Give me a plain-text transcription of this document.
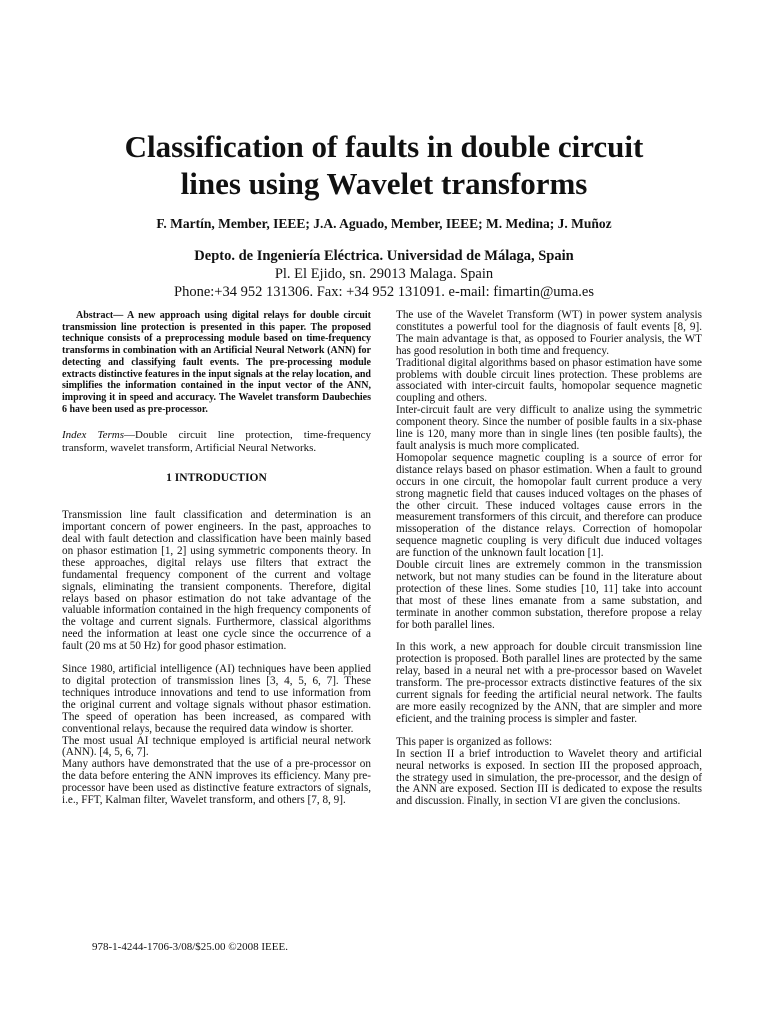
Classification of faults in double circuit
lines using Wavelet transforms
F. Martín, Member, IEEE; J.A. Aguado, Member, IEEE; M. Medina; J. Muñoz
Depto. de Ingeniería Eléctrica. Universidad de Málaga, Spain
Pl. El Ejido, sn. 29013 Malaga. Spain
Phone:+34 952 131306. Fax: +34 952 131091. e-mail: fimartin@uma.es

Abstract— A new approach using digital relays for double circuit transmission line protection is presented in this paper. The proposed technique consists of a preprocessing module based on time-frequency transforms in combination with an Artificial Neural Network (ANN) for detecting and classifying fault events. The pre-processing module extracts distinctive features in the input signals at the relay location, and simplifies the information contained in the input vector of the ANN, improving it in speed and accuracy. The Wavelet transform Daubechies 6 have been used as pre-processor.

Index Terms—Double circuit line protection, time-frequency transform, wavelet transform, Artificial Neural Networks.

1 INTRODUCTION

Transmission line fault classification and determination is an important concern of power engineers. In the past, approaches to deal with fault detection and classification have been mainly based on phasor estimation [1, 2] using symmetric components theory. In these approaches, digital relays use filters that extract the fundamental frequency component of the current and voltage signals, eliminating the transient components. Therefore, digital relays based on phasor estimation do not take advantage of the valuable information contained in the high frequency components of the voltage and current signals. Furthermore, classical algorithms need the information at least one cycle since the occurrence of a fault (20 ms at 50 Hz) for good phasor estimation.

Since 1980, artificial intelligence (AI) techniques have been applied to digital protection of transmission lines [3, 4, 5, 6, 7]. These techniques introduce innovations and tend to use information from the original current and voltage signals without phasor estimation. The speed of operation has been increased, as compared with conventional relays, because the required data window is shorter.

The most usual AI technique employed is artificial neural network (ANN). [4, 5, 6, 7].

Many authors have demonstrated that the use of a pre-processor on the data before entering the ANN improves its efficiency. Many pre-processor have been used as distinctive feature extractors of signals, i.e., FFT, Kalman filter, Wavelet transform, and others [7, 8, 9].

The use of the Wavelet Transform (WT) in power system analysis constitutes a powerful tool for the diagnosis of fault events [8, 9]. The main advantage is that, as opposed to Fourier analysis, the WT has good resolution in both time and frequency.

Traditional digital algorithms based on phasor estimation have some problems with double circuit lines protection. These problems are associated with inter-circuit faults, homopolar sequence magnetic coupling and others.

Inter-circuit fault are very difficult to analize using the symmetric component theory. Since the number of posible faults in a six-phase line is 120, many more than in single lines (ten posible faults), the fault analysis is much more complicated.

Homopolar sequence magnetic coupling is a source of error for distance relays based on phasor estimation. When a fault to ground occurs in one circuit, the homopolar fault current produce a very strong magnetic field that causes induced voltages on the phases of the other circuit. These induced voltages cause errors in the measurement transformers of this circuit, and therefore can produce missoperation of the distance relays. Correction of homopolar sequence magnetic coupling is very dificult due induced voltages are function of the unknown fault location [1].

Double circuit lines are extremely common in the transmission network, but not many studies can be found in the literature about protection of these lines. Some studies [10, 11] take into account that most of these lines emanate from a same substation, and terminate in another common substation, therefore propose a relay for both parallel lines.

In this work, a new approach for double circuit transmission line protection is proposed. Both parallel lines are protected by the same relay, based in a neural net with a pre-processor based on Wavelet transform. The pre-processor extracts distinctive features of the six current signals for feeding the artificial neural network. The faults are more easily recognized by the ANN, that are simpler and more eficient, and the training process is simpler and faster.

This paper is organized as follows:

In section II a brief introduction to Wavelet theory and artificial neural networks is exposed. In section III the proposed approach, the strategy used in simulation, the pre-processor, and the design of the ANN are exposed. Section III is dedicated to expose the results and discussion. Finally, in section VI are given the conclusions.

978-1-4244-1706-3/08/$25.00 ©2008 IEEE.
